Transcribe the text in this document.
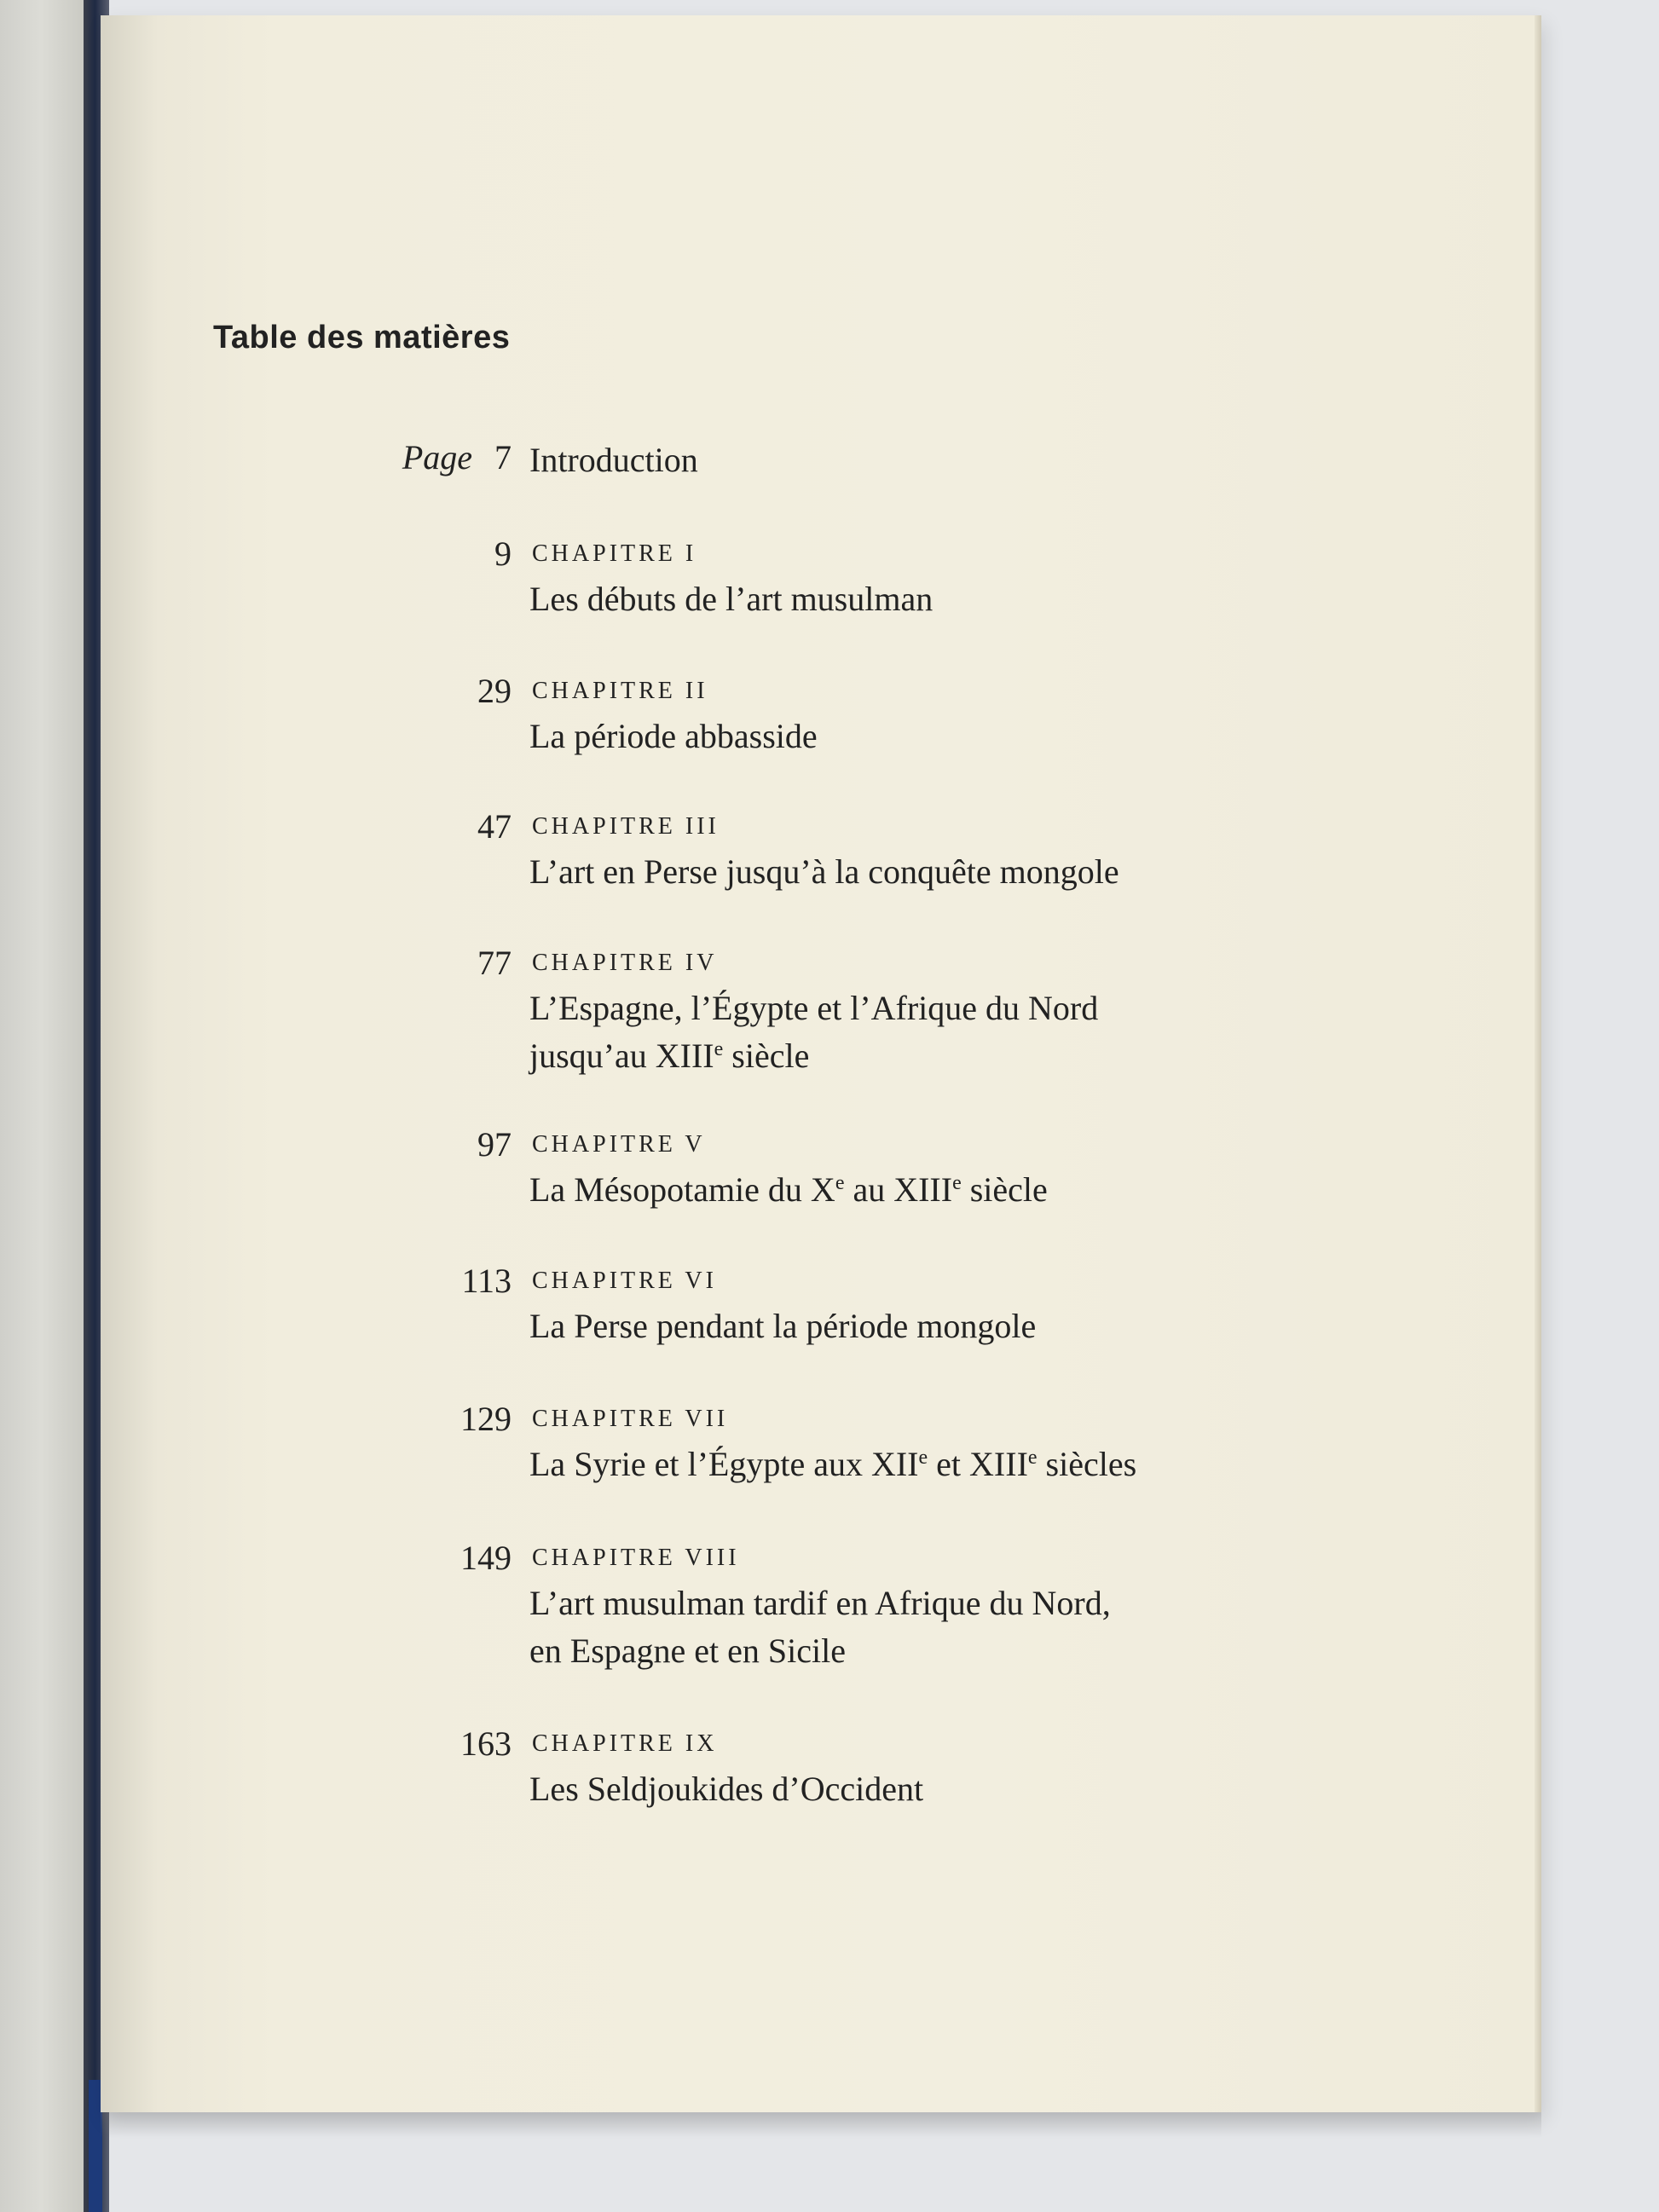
Table des matières
Page 7 Introduction
9 CHAPITRE I
Les débuts de l’art musulman
29 CHAPITRE II
La période abbasside
47 CHAPITRE III
L’art en Perse jusqu’à la conquête mongole
77 CHAPITRE IV
L’Espagne, l’Égypte et l’Afrique du Nord
jusqu’au XIIIe siècle
97 CHAPITRE V
La Mésopotamie du Xe au XIIIe siècle
113 CHAPITRE VI
La Perse pendant la période mongole
129 CHAPITRE VII
La Syrie et l’Égypte aux XIIe et XIIIe siècles
149 CHAPITRE VIII
L’art musulman tardif en Afrique du Nord,
en Espagne et en Sicile
163 CHAPITRE IX
Les Seldjoukides d’Occident
